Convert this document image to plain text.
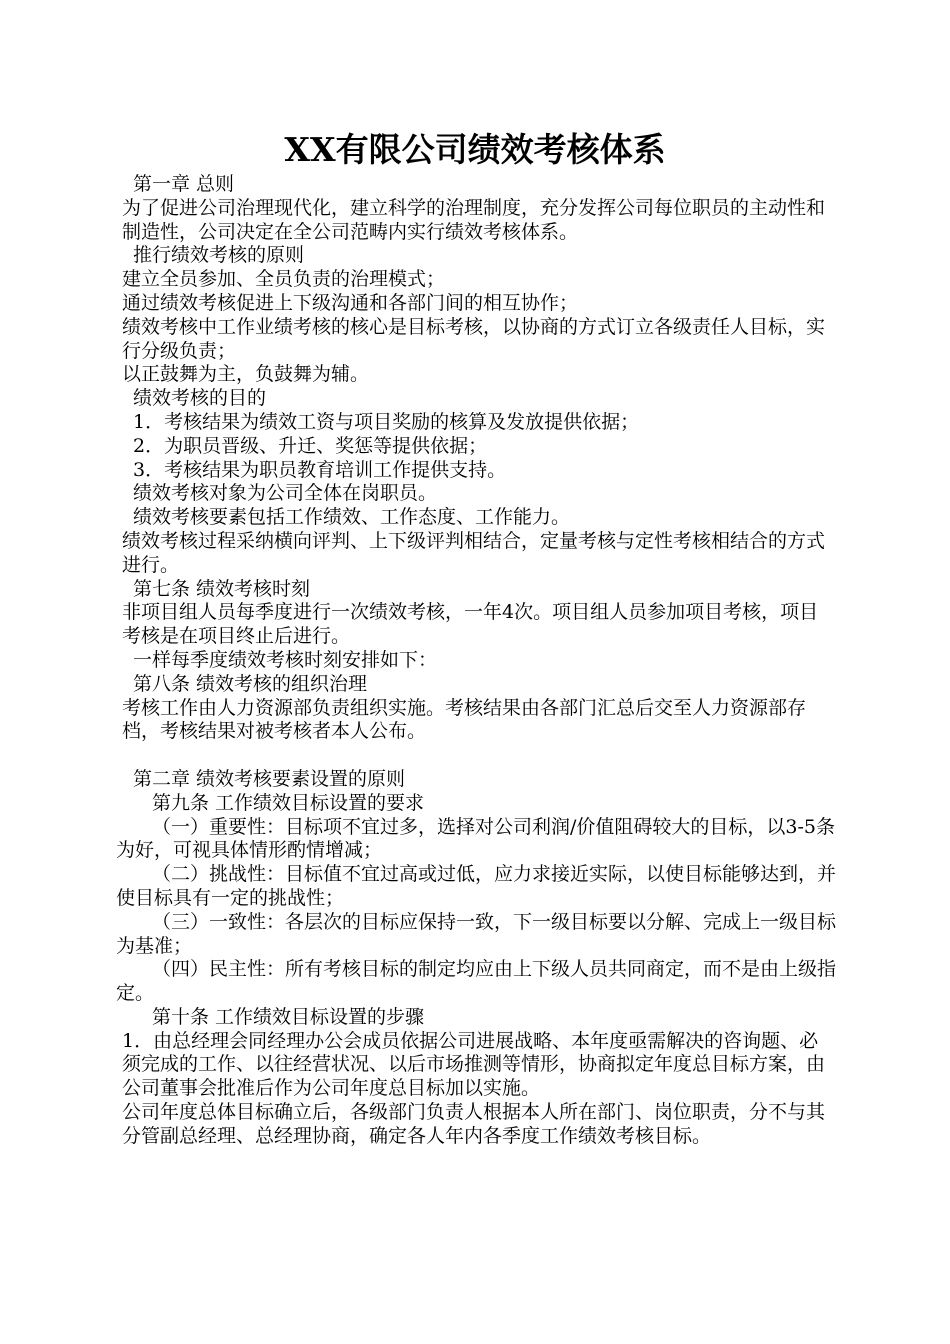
XX有限公司绩效考核体系

第一章 总则

为了促进公司治理现代化，建立科学的治理制度，充分发挥公司每位职员的主动性和制造性，公司决定在全公司范畴内实行绩效考核体系。

推行绩效考核的原则

建立全员参加、全员负责的治理模式；

通过绩效考核促进上下级沟通和各部门间的相互协作；

绩效考核中工作业绩考核的核心是目标考核，以协商的方式订立各级责任人目标，实行分级负责；

以正鼓舞为主，负鼓舞为辅。

绩效考核的目的

1．考核结果为绩效工资与项目奖励的核算及发放提供依据；

2．为职员晋级、升迁、奖惩等提供依据；

3．考核结果为职员教育培训工作提供支持。

绩效考核对象为公司全体在岗职员。

绩效考核要素包括工作绩效、工作态度、工作能力。

绩效考核过程采纳横向评判、上下级评判相结合，定量考核与定性考核相结合的方式进行。

第七条 绩效考核时刻

非项目组人员每季度进行一次绩效考核，一年4次。项目组人员参加项目考核，项目考核是在项目终止后进行。

一样每季度绩效考核时刻安排如下：

第八条 绩效考核的组织治理

考核工作由人力资源部负责组织实施。考核结果由各部门汇总后交至人力资源部存档，考核结果对被考核者本人公布。

第二章 绩效考核要素设置的原则

第九条 工作绩效目标设置的要求

（一）重要性：目标项不宜过多，选择对公司利润/价值阻碍较大的目标，以3-5条为好，可视具体情形酌情增减；

（二）挑战性：目标值不宜过高或过低，应力求接近实际，以使目标能够达到，并使目标具有一定的挑战性；

（三）一致性：各层次的目标应保持一致，下一级目标要以分解、完成上一级目标为基准；

（四）民主性：所有考核目标的制定均应由上下级人员共同商定，而不是由上级指定。

第十条 工作绩效目标设置的步骤

1．由总经理会同经理办公会成员依据公司进展战略、本年度亟需解决的咨询题、必须完成的工作、以往经营状况、以后市场推测等情形，协商拟定年度总目标方案，由公司董事会批准后作为公司年度总目标加以实施。

公司年度总体目标确立后，各级部门负责人根据本人所在部门、岗位职责，分不与其分管副总经理、总经理协商，确定各人年内各季度工作绩效考核目标。
